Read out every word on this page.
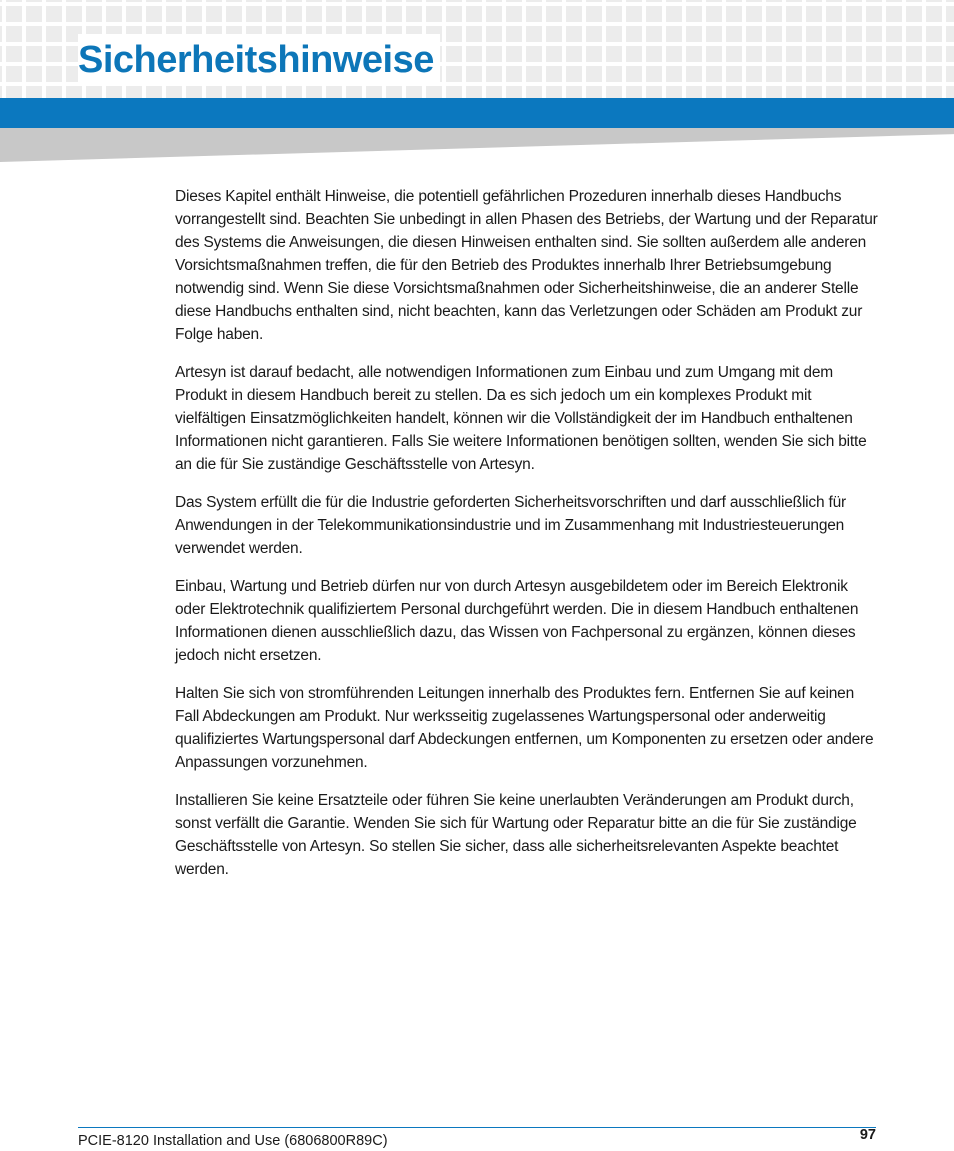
Sicherheitshinweise

Dieses Kapitel enthält Hinweise, die potentiell gefährlichen Prozeduren innerhalb dieses Handbuchs vorrangestellt sind. Beachten Sie unbedingt in allen Phasen des Betriebs, der Wartung und der Reparatur des Systems die Anweisungen, die diesen Hinweisen enthalten sind. Sie sollten außerdem alle anderen Vorsichtsmaßnahmen treffen, die für den Betrieb des Produktes innerhalb Ihrer Betriebsumgebung notwendig sind. Wenn Sie diese Vorsichtsmaßnahmen oder Sicherheitshinweise, die an anderer Stelle diese Handbuchs enthalten sind, nicht beachten, kann das Verletzungen oder Schäden am Produkt zur Folge haben.

Artesyn ist darauf bedacht, alle notwendigen Informationen zum Einbau und zum Umgang mit dem Produkt in diesem Handbuch bereit zu stellen. Da es sich jedoch um ein komplexes Produkt mit vielfältigen Einsatzmöglichkeiten handelt, können wir die Vollständigkeit der im Handbuch enthaltenen Informationen nicht garantieren. Falls Sie weitere Informationen benötigen sollten, wenden Sie sich bitte an die für Sie zuständige Geschäftsstelle von Artesyn.

Das System erfüllt die für die Industrie geforderten Sicherheitsvorschriften und darf ausschließlich für Anwendungen in der Telekommunikationsindustrie und im Zusammenhang mit Industriesteuerungen verwendet werden.

Einbau, Wartung und Betrieb dürfen nur von durch Artesyn ausgebildetem oder im Bereich Elektronik oder Elektrotechnik qualifiziertem Personal durchgeführt werden. Die in diesem Handbuch enthaltenen Informationen dienen ausschließlich dazu, das Wissen von Fachpersonal zu ergänzen, können dieses jedoch nicht ersetzen.

Halten Sie sich von stromführenden Leitungen innerhalb des Produktes fern. Entfernen Sie auf keinen Fall Abdeckungen am Produkt. Nur werksseitig zugelassenes Wartungspersonal oder anderweitig qualifiziertes Wartungspersonal darf Abdeckungen entfernen, um Komponenten zu ersetzen oder andere Anpassungen vorzunehmen.

Installieren Sie keine Ersatzteile oder führen Sie keine unerlaubten Veränderungen am Produkt durch, sonst verfällt die Garantie. Wenden Sie sich für Wartung oder Reparatur bitte an die für Sie zuständige Geschäftsstelle von Artesyn. So stellen Sie sicher, dass alle sicherheitsrelevanten Aspekte beachtet werden.

PCIE-8120 Installation and Use (6806800R89C)	97
